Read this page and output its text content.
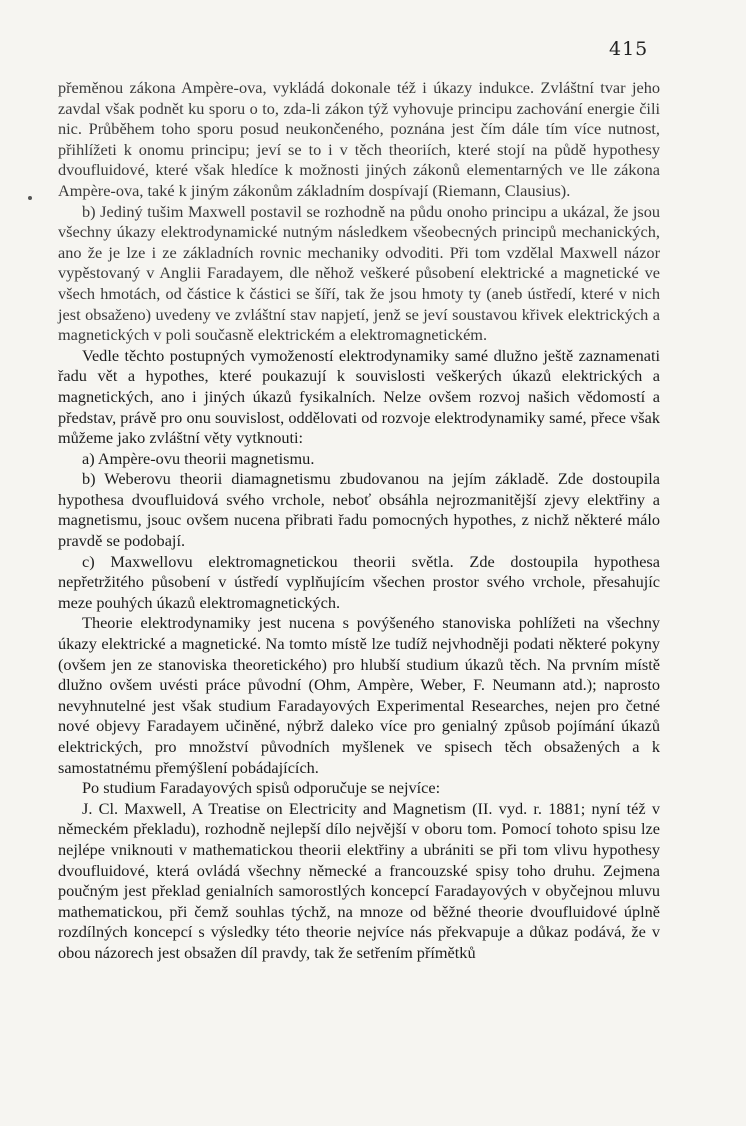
415

přeměnou zákona Ampère-ova, vykládá dokonale též i úkazy indukce. Zvláštní tvar jeho zavdal však podnět ku sporu o to, zda-li zákon týž vyhovuje principu zachování energie čili nic. Průběhem toho sporu posud neukončeného, poznána jest čím dále tím více nutnost, přihlížeti k onomu principu; jeví se to i v těch theoriích, které stojí na půdě hypothesy dvoufluidové, které však hledíce k možnosti jiných zákonů elementarných ve lle zákona Ampère-ova, také k jiným zákonům základním dospívají (Riemann, Clausius).

b) Jediný tušim Maxwell postavil se rozhodně na půdu onoho principu a ukázal, že jsou všechny úkazy elektrodynamické nutným následkem všeobecných principů mechanických, ano že je lze i ze základních rovnic mechaniky odvoditi. Při tom vzdělal Maxwell názor vypěstovaný v Anglii Faradayem, dle něhož veškeré působení elektrické a magnetické ve všech hmotách, od částice k částici se šíří, tak že jsou hmoty ty (aneb ústředí, které v nich jest obsaženo) uvedeny ve zvláštní stav napjetí, jenž se jeví soustavou křivek elektrických a magnetických v poli současně elektrickém a elektromagnetickém.

Vedle těchto postupných vymožeností elektrodynamiky samé dlužno ještě zaznamenati řadu vět a hypothes, které poukazují k souvislosti veškerých úkazů elektrických a magnetických, ano i jiných úkazů fysikalních. Nelze ovšem rozvoj našich vědomostí a představ, právě pro onu souvislost, oddělovati od rozvoje elektrodynamiky samé, přece však můžeme jako zvláštní věty vytknouti:

a) Ampère-ovu theorii magnetismu.

b) Weberovu theorii diamagnetismu zbudovanou na jejím základě. Zde dostoupila hypothesa dvoufluidová svého vrchole, neboť obsáhla nejrozmanitější zjevy elektřiny a magnetismu, jsouc ovšem nucena přibrati řadu pomocných hypothes, z nichž některé málo pravdě se podobají.

c) Maxwellovu elektromagnetickou theorii světla. Zde dostoupila hypothesa nepřetržitého působení v ústředí vyplňujícím všechen prostor svého vrchole, přesahujíc meze pouhých úkazů elektromagnetických.

Theorie elektrodynamiky jest nucena s povýšeného stanoviska pohlížeti na všechny úkazy elektrické a magnetické. Na tomto místě lze tudíž nejvhodněji podati některé pokyny (ovšem jen ze stanoviska theoretického) pro hlubší studium úkazů těch. Na prvním místě dlužno ovšem uvésti práce původní (Ohm, Ampère, Weber, F. Neumann atd.); naprosto nevyhnutelné jest však studium Faradayových Experimental Researches, nejen pro četné nové objevy Faradayem učiněné, nýbrž daleko více pro genialný způsob pojímání úkazů elektrických, pro množství původních myšlenek ve spisech těch obsažených a k samostatnému přemýšlení pobádajících.

Po studium Faradayových spisů odporučuje se nejvíce:

J. Cl. Maxwell, A Treatise on Electricity and Magnetism (II. vyd. r. 1881; nyní též v německém překladu), rozhodně nejlepší dílo nejvější v oboru tom. Pomocí tohoto spisu lze nejlépe vniknouti v mathematickou theorii elektřiny a ubrániti se při tom vlivu hypothesy dvoufluidové, která ovládá všechny německé a francouzské spisy toho druhu. Zejmena poučným jest překlad genialních samorostlých koncepcí Faradayových v obyčejnou mluvu mathematickou, při čemž souhlas týchž, na mnoze od běžné theorie dvoufluidové úplně rozdílných koncepcí s výsledky této theorie nejvíce nás překvapuje a důkaz podává, že v obou názorech jest obsažen díl pravdy, tak že setřením přímětků
